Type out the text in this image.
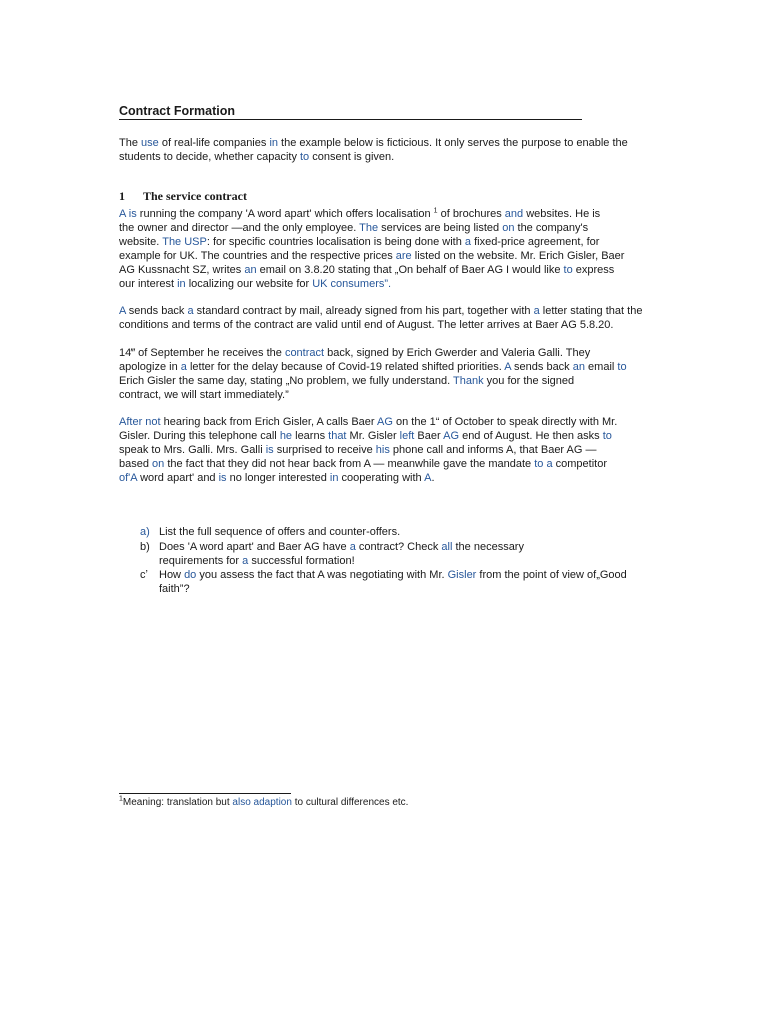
Contract Formation
The use of real-life companies in the example below is ficticious. It only serves the purpose to enable the
students to decide, whether capacity to consent is given.
1 The service contract
A is running the company 'A word apart' which offers localisation $^1$ of brochures and websites. He is
the owner and director —and the only employee. The services are being listed on the company's
website. The USP: for specific countries localisation is being done with a fixed-price agreement, for
example for UK. The countries and the respective prices are listed on the website. Mr. Erich Gisler, Baer
AG Kussnacht SZ, writes an email on 3.8.20 stating that „On behalf of Baer AG I would like to express
our interest in localizing our website for UK consumers”.
A sends back a standard contract by mail, already signed from his part, together with a letter stating that the
conditions and terms of the contract are valid until end of August. The letter arrives at Baer AG 5.8.20.
14‴ of September he receives the contract back, signed by Erich Gwerder and Valeria Galli. They
apologize in a letter for the delay because of Covid-19 related shifted priorities. A sends back an email to
Erich Gisler the same day, stating „No problem, we fully understand. Thank you for the signed
contract, we will start immediately.”
After not hearing back from Erich Gisler, A calls Baer AG on the 1“ of October to speak directly with Mr.
Gisler. During this telephone call he learns that Mr. Gisler left Baer AG end of August. He then asks to
speak to Mrs. Galli. Mrs. Galli is surprised to receive his phone call and informs A, that Baer AG —
based on the fact that they did not hear back from A — meanwhile gave the mandate to a competitor
of'A word apart' and is no longer interested in cooperating with A.
a) List the full sequence of offers and counter-offers.
b) Does 'A word apart' and Baer AG have a contract? Check all the necessary
requirements for a successful formation!
cʼ How do you assess the fact that A was negotiating with Mr. Gisler from the point of view of„Good
faith”?
$^1$Meaning: translation but also adaption to cultural differences etc.
